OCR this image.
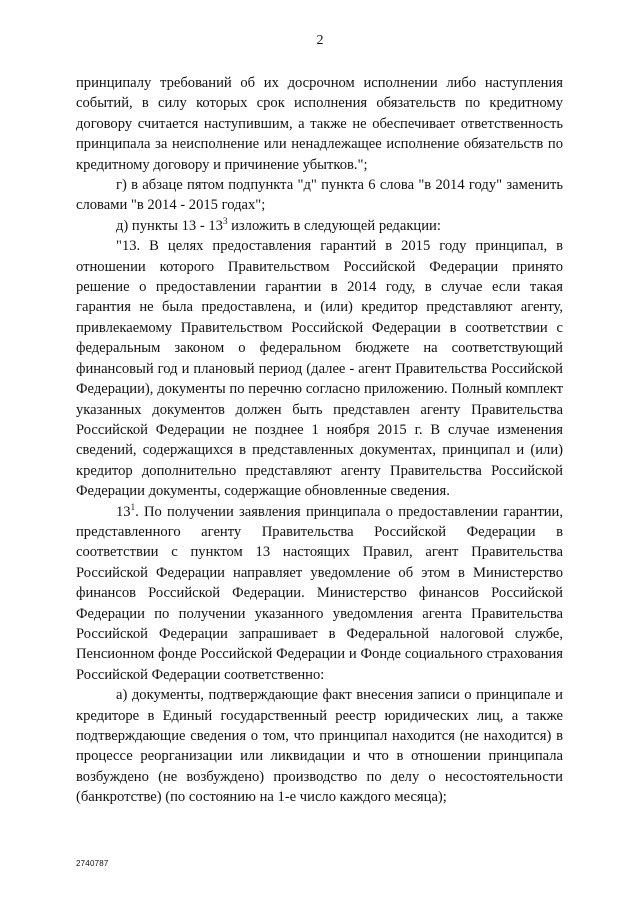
2

принципалу требований об их досрочном исполнении либо наступления событий, в силу которых срок исполнения обязательств по кредитному договору считается наступившим, а также не обеспечивает ответственность принципала за неисполнение или ненадлежащее исполнение обязательств по кредитному договору и причинение убытков.";

г) в абзаце пятом подпункта "д" пункта 6 слова "в 2014 году" заменить словами "в 2014 - 2015 годах";

д) пункты $13 - 13^3$ изложить в следующей редакции:

"13. В целях предоставления гарантий в 2015 году принципал, в отношении которого Правительством Российской Федерации принято решение о предоставлении гарантии в 2014 году, в случае если такая гарантия не была предоставлена, и (или) кредитор представляют агенту, привлекаемому Правительством Российской Федерации в соответствии с федеральным законом о федеральном бюджете на соответствующий финансовый год и плановый период (далее - агент Правительства Российской Федерации), документы по перечню согласно приложению. Полный комплект указанных документов должен быть представлен агенту Правительства Российской Федерации не позднее 1 ноября 2015 г. В случае изменения сведений, содержащихся в представленных документах, принципал и (или) кредитор дополнительно представляют агенту Правительства Российской Федерации документы, содержащие обновленные сведения.

$13^1$. По получении заявления принципала о предоставлении гарантии, представленного агенту Правительства Российской Федерации в соответствии с пунктом 13 настоящих Правил, агент Правительства Российской Федерации направляет уведомление об этом в Министерство финансов Российской Федерации. Министерство финансов Российской Федерации по получении указанного уведомления агента Правительства Российской Федерации запрашивает в Федеральной налоговой службе, Пенсионном фонде Российской Федерации и Фонде социального страхования Российской Федерации соответственно:

а) документы, подтверждающие факт внесения записи о принципале и кредиторе в Единый государственный реестр юридических лиц, а также подтверждающие сведения о том, что принципал находится (не находится) в процессе реорганизации или ликвидации и что в отношении принципала возбуждено (не возбуждено) производство по делу о несостоятельности (банкротстве) (по состоянию на 1-е число каждого месяца);

2740787
